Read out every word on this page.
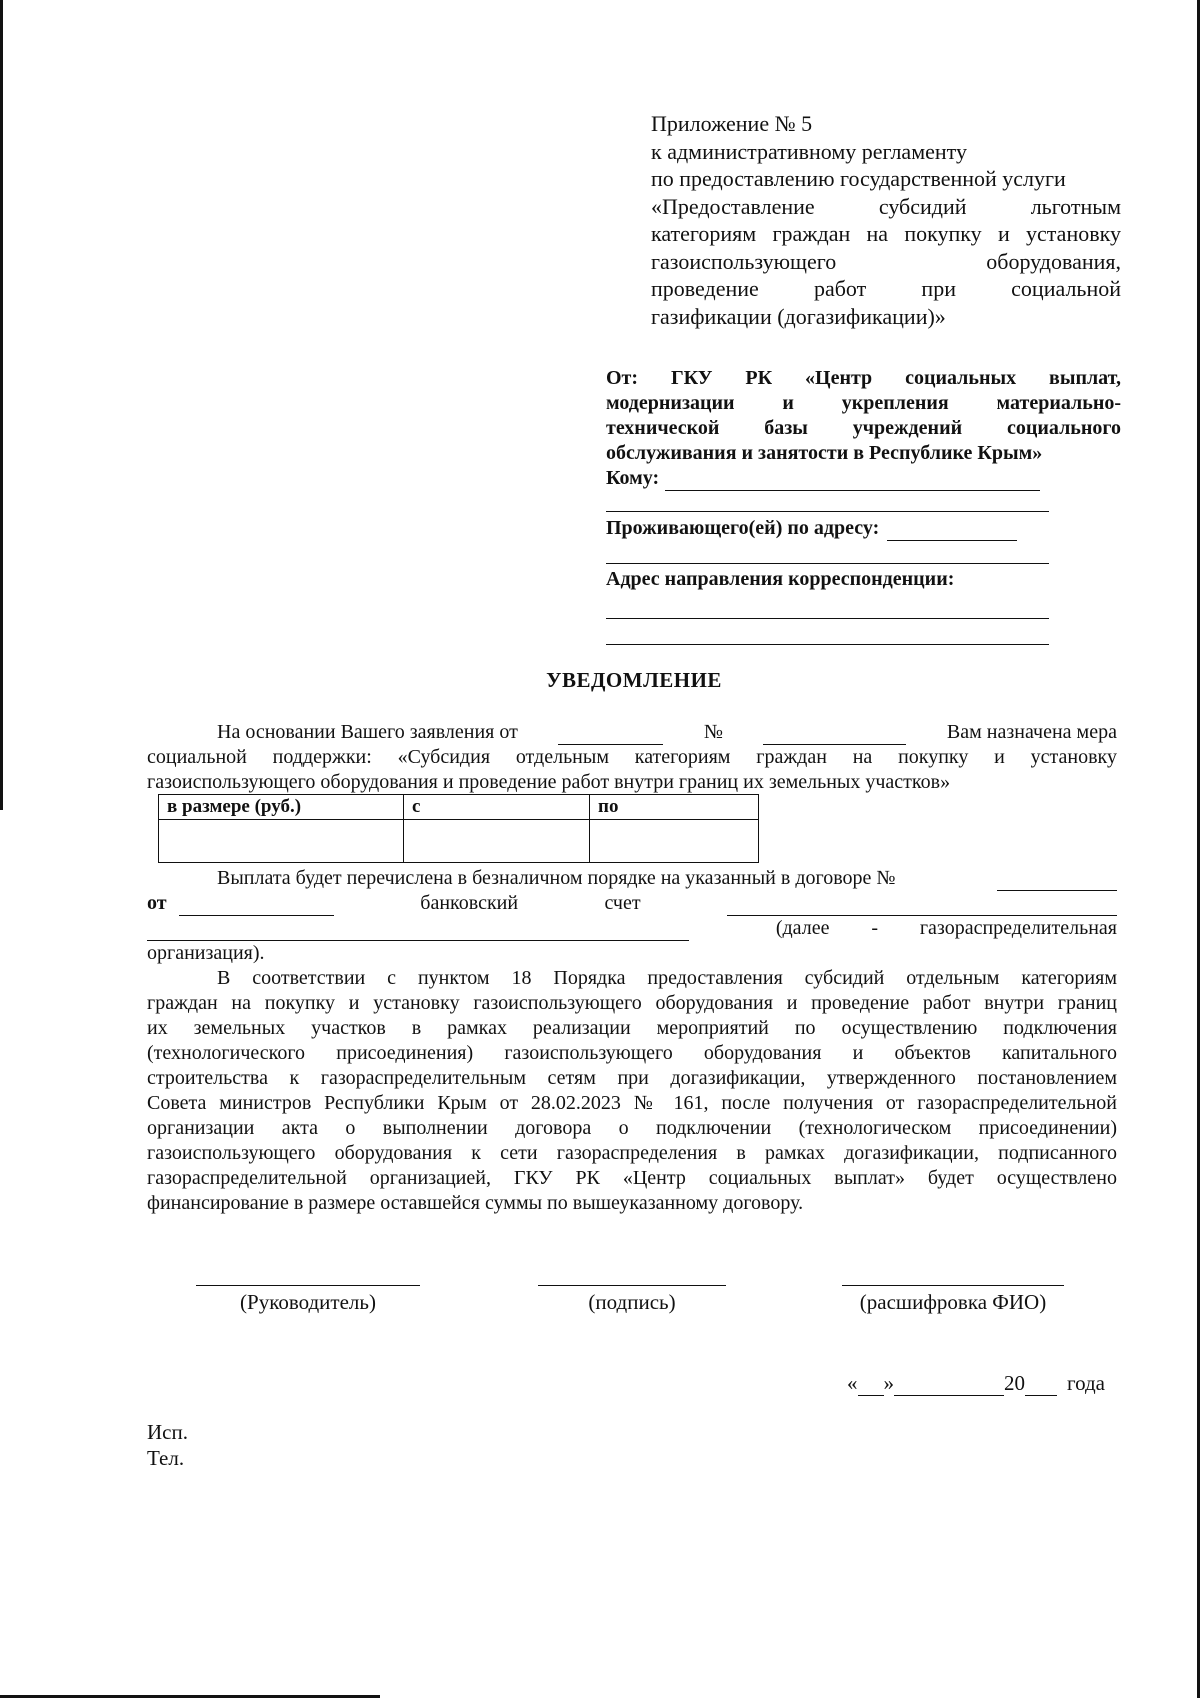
Приложение № 5
к административному регламенту
по предоставлению государственной услуги
«Предоставление субсидий льготным
категориям граждан на покупку и установку
газоиспользующего оборудования,
проведение работ при социальной
газификации (догазификации)»
От: ГКУ РК «Центр социальных выплат,
модернизации и укрепления материально-
технической базы учреждений социального
обслуживания и занятости в Республике Крым»
Кому:
Проживающего(ей) по адресу:
Адрес направления корреспонденции:
УВЕДОМЛЕНИЕ
На основании Вашего заявления от	№	Вам назначена мера
социальной поддержки: «Субсидия отдельным категориям граждан на покупку и установку
газоиспользующего оборудования и проведение работ внутри границ их земельных участков»
в размере (руб.)	с	по

Выплата будет перечислена в безналичном порядке на указанный в договоре №
от	банковский	счет
(далее - газораспределительная
организация).
В соответствии с пунктом 18 Порядка предоставления субсидий отдельным категориям
граждан на покупку и установку газоиспользующего оборудования и проведение работ внутри границ
их земельных участков в рамках реализации мероприятий по осуществлению подключения
(технологического присоединения) газоиспользующего оборудования и объектов капитального
строительства к газораспределительным сетям при догазификации, утвержденного постановлением
Совета министров Республики Крым от 28.02.2023 № 161, после получения от газораспределительной
организации акта о выполнении договора о подключении (технологическом присоединении)
газоиспользующего оборудования к сети газораспределения в рамках догазификации, подписанного
газораспределительной организацией, ГКУ РК «Центр социальных выплат» будет осуществлено
финансирование в размере оставшейся суммы по вышеуказанному договору.
(Руководитель)	(подпись)	(расшифровка ФИО)
« »	20 года
Исп.
Тел.
